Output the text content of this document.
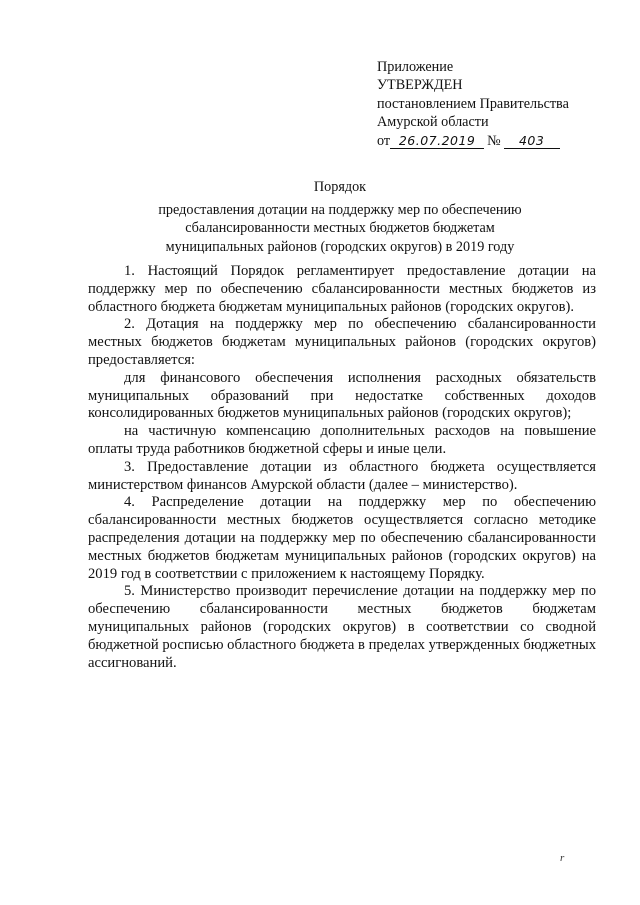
Приложение
УТВЕРЖДЕН
постановлением Правительства
Амурской области
от 26.07.2019 № 403
Порядок
предоставления дотации на поддержку мер по обеспечению
сбалансированности местных бюджетов бюджетам
муниципальных районов (городских округов) в 2019 году

1. Настоящий Порядок регламентирует предоставление дотации на поддержку мер по обеспечению сбалансированности местных бюджетов из областного бюджета бюджетам муниципальных районов (городских округов).

2. Дотация на поддержку мер по обеспечению сбалансированности местных бюджетов бюджетам муниципальных районов (городских округов) предоставляется:

для финансового обеспечения исполнения расходных обязательств муниципальных образований при недостатке собственных доходов консолидированных бюджетов муниципальных районов (городских округов);

на частичную компенсацию дополнительных расходов на повышение оплаты труда работников бюджетной сферы и иные цели.

3. Предоставление дотации из областного бюджета осуществляется министерством финансов Амурской области (далее – министерство).

4. Распределение дотации на поддержку мер по обеспечению сбалансированности местных бюджетов осуществляется согласно методике распределения дотации на поддержку мер по обеспечению сбалансированности местных бюджетов бюджетам муниципальных районов (городских округов) на 2019 год в соответствии с приложением к настоящему Порядку.

5. Министерство производит перечисление дотации на поддержку мер по обеспечению сбалансированности местных бюджетов бюджетам муниципальных районов (городских округов) в соответствии со сводной бюджетной росписью областного бюджета в пределах утвержденных бюджетных ассигнований.

r
